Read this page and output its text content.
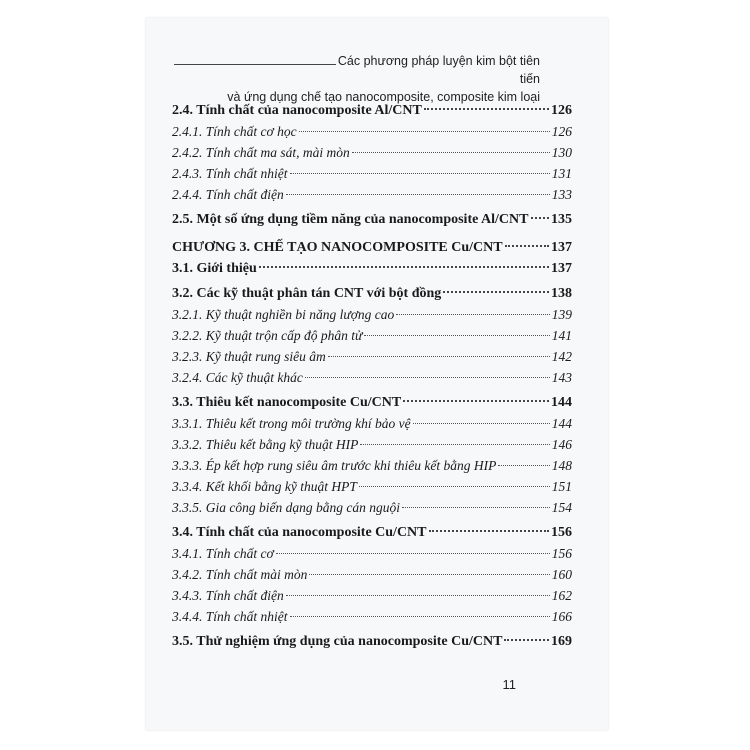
Các phương pháp luyện kim bột tiên tiến
và ứng dụng chế tạo nanocomposite, composite kim loại
2.4. Tính chất của nanocomposite Al/CNT	126
2.4.1. Tính chất cơ học	126
2.4.2. Tính chất ma sát, mài mòn	130
2.4.3. Tính chất nhiệt	131
2.4.4. Tính chất điện	133
2.5. Một số ứng dụng tiềm năng của nanocomposite Al/CNT 135
CHƯƠNG 3. CHẾ TẠO NANOCOMPOSITE Cu/CNT	137
3.1. Giới thiệu	137
3.2. Các kỹ thuật phân tán CNT với bột đồng	138
3.2.1. Kỹ thuật nghiền bi năng lượng cao	139
3.2.2. Kỹ thuật trộn cấp độ phân tử	141
3.2.3. Kỹ thuật rung siêu âm	142
3.2.4. Các kỹ thuật khác	143
3.3. Thiêu kết nanocomposite Cu/CNT	144
3.3.1. Thiêu kết trong môi trường khí bảo vệ	144
3.3.2. Thiêu kết bằng kỹ thuật HIP	146
3.3.3. Ép kết hợp rung siêu âm trước khi thiêu kết bằng HIP	148
3.3.4. Kết khối bằng kỹ thuật HPT	151
3.3.5. Gia công biến dạng bằng cán nguội	154
3.4. Tính chất của nanocomposite Cu/CNT	156
3.4.1. Tính chất cơ	156
3.4.2. Tính chất mài mòn	160
3.4.3. Tính chất điện	162
3.4.4. Tính chất nhiệt	166
3.5. Thử nghiệm ứng dụng của nanocomposite Cu/CNT	169
11
